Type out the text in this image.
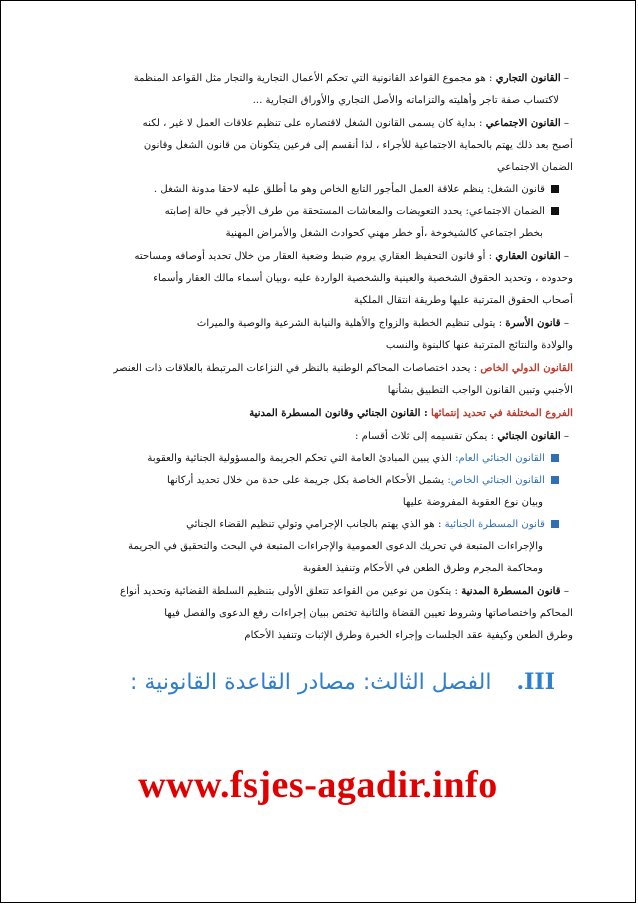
– القانون التجاري : هو مجموع القواعد القانونية التي تحكم الأعمال التجارية والتجار مثل القواعد المنظمة
لاكتساب صفة تاجر وأهليته والتزاماته والأصل التجاري والأوراق التجارية ...
– القانون الاجتماعي : بداية كان يسمى القانون الشغل لاقتصاره على تنظيم علاقات العمل لا غير ، لكنه
أصبح بعد ذلك يهتم بالحماية الاجتماعية للأجراء ، لذا أنقسم إلى فرعين يتكونان من قانون الشغل وقانون
الضمان الاجتماعي
قانون الشغل: ينظم علاقة العمل المأجور التابع الخاص وهو ما أطلق عليه لاحقا مدونة الشغل .
الضمان الاجتماعي: يحدد التعويضات والمعاشات المستحقة من طرف الأجير في حالة إصابته
بخطر اجتماعي كالشيخوخة ،أو خطر مهني كحوادث الشغل والأمراض المهنية
– القانون العقاري : أو قانون التحفيظ العقاري يروم ضبط وضعية العقار من خلال تحديد أوصافه ومساحته
وحدوده ، وتحديد الحقوق الشخصية والعينية والشخصية الواردة عليه ،وبيان أسماء مالك العقار وأسماء
أصحاب الحقوق المترتبة عليها وطريقة انتقال الملكية
– قانون الأسرة : يتولى تنظيم الخطبة والزواج والأهلية والنيابة الشرعية والوصية والميراث
والولادة والنتائج المترتبة عنها كالبنوة والنسب
القانون الدولي الخاص : يحدد اختصاصات المحاكم الوطنية بالنظر في النزاعات المرتبطة بالعلاقات ذات العنصر
الأجنبي وتبين القانون الواجب التطبيق بشأنها
الفروع المختلفة في تحديد إنتمائها : القانون الجنائي وقانون المسطرة المدنية
– القانون الجنائي : يمكن تقسيمه إلى ثلاث أقسام :
القانون الجنائي العام: الذي يبين المبادئ العامة التي تحكم الجريمة والمسؤولية الجنائية والعقوبة
القانون الجنائي الخاص: يشمل الأحكام الخاصة بكل جريمة على حدة من خلال تحديد أركانها
وبيان نوع العقوبة المفروضة عليها
قانون المسطرة الجنائية : هو الذي يهتم بالجانب الإجرامي وتولي تنظيم القضاء الجنائي
والإجراءات المتبعة في تحريك الدعوى العمومية والإجراءات المتبعة في البحث والتحقيق في الجريمة
ومحاكمة المجرم وطرق الطعن في الأحكام وتنفيذ العقوبة
– قانون المسطرة المدنية : يتكون من نوعين من القواعد تتعلق الأولى بتنظيم السلطة القضائية وتحديد أنواع
المحاكم واختصاصاتها وشروط تعيين القضاة والثانية تختص ببيان إجراءات رفع الدعوى والفصل فيها
وطرق الطعن وكيفية عقد الجلسات وإجراء الخبرة وطرق الإثبات وتنفيذ الأحكام
III. الفصل الثالث: مصادر القاعدة القانونية :
www.fsjes-agadir.info
